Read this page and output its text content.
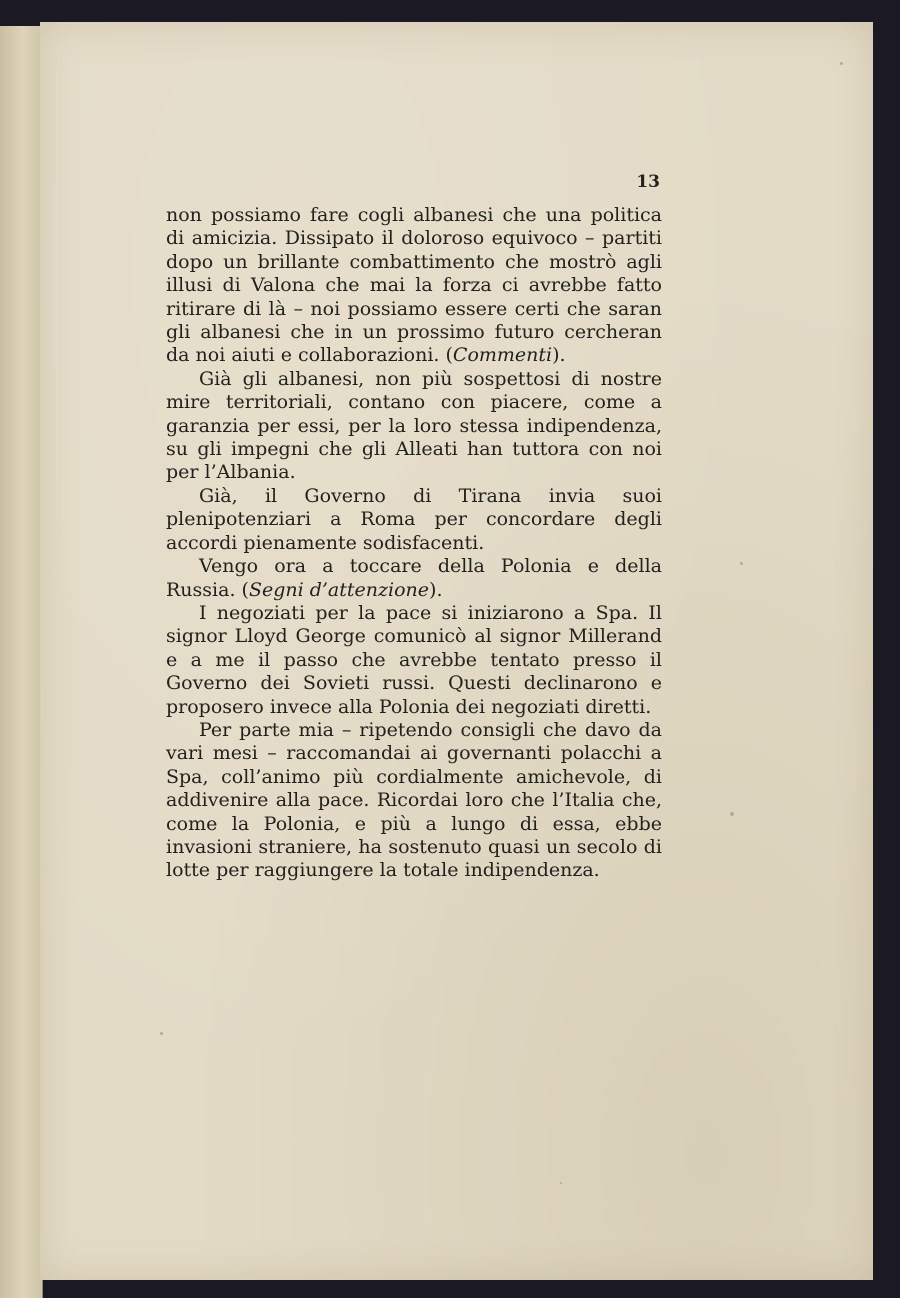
13

non possiamo fare cogli albanesi che una politica di amicizia. Dissipato il doloroso equivoco – partiti dopo un brillante combattimento che mostrò agli illusi di Valona che mai la forza ci avrebbe fatto ritirare di là – noi possiamo essere certi che saran gli albanesi che in un prossimo futuro cercheran da noi aiuti e collaborazioni. (Commenti).

Già gli albanesi, non più sospettosi di nostre mire territoriali, contano con piacere, come a garanzia per essi, per la loro stessa indipendenza, su gli impegni che gli Alleati han tuttora con noi per l’Albania.

Già, il Governo di Tirana invia suoi plenipotenziari a Roma per concordare degli accordi pienamente sodisfacenti.

Vengo ora a toccare della Polonia e della Russia. (Segni d’attenzione).

I negoziati per la pace si iniziarono a Spa. Il signor Lloyd George comunicò al signor Millerand e a me il passo che avrebbe tentato presso il Governo dei Sovieti russi. Questi declinarono e proposero invece alla Polonia dei negoziati diretti.

Per parte mia – ripetendo consigli che davo da vari mesi – raccomandai ai governanti polacchi a Spa, coll’animo più cordialmente amichevole, di addivenire alla pace. Ricordai loro che l’Italia che, come la Polonia, e più a lungo di essa, ebbe invasioni straniere, ha sostenuto quasi un secolo di lotte per raggiungere la totale indipendenza.
